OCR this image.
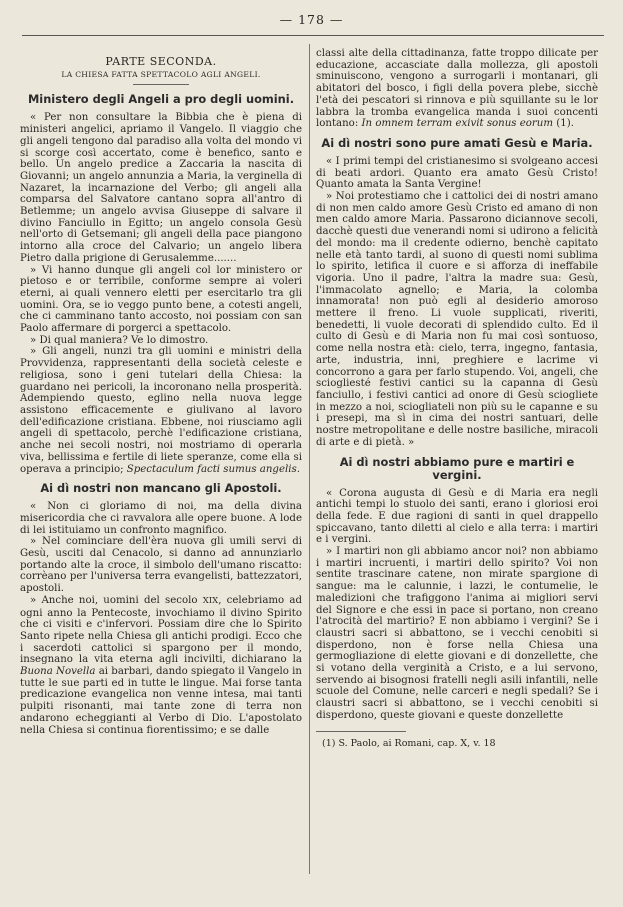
— 178 —
PARTE SECONDA.
LA CHIESA FATTA SPETTACOLO AGLI ANGELI.
Ministero degli Angeli a pro degli uomini.

« Per non consultare la Bibbia che è piena di ministeri angelici, apriamo il Vangelo. Il viaggio che gli angeli tengono dal paradiso alla volta del mondo vi si scorge così accertato, come è benefico, santo e bello. Un angelo predice a Zaccaria la nascita di Giovanni; un angelo annunzia a Maria, la verginella di Nazaret, la incarnazione del Verbo; gli angeli alla comparsa del Salvatore cantano sopra all'antro di Betlemme; un angelo avvisa Giuseppe di salvare il divino Fanciullo in Egitto; un angelo consola Gesù nell'orto di Getsemani; gli angeli della pace piangono intorno alla croce del Calvario; un angelo libera Pietro dalla prigione di Gerusalemme.......

» Vi hanno dunque gli angeli col lor ministero or pietoso e or terribile, conforme sempre ai voleri eterni, ai quali vennero eletti per esercitarlo tra gli uomini. Ora, se io veggo punto bene, a cotesti angeli, che ci camminano tanto accosto, noi possiam con san Paolo affermare di porgerci a spettacolo.

» Di qual maniera? Ve lo dimostro.

» Gli angeli, nunzi tra gli uomini e ministri della Provvidenza, rappresentanti della società celeste e religiosa, sono i geni tutelari della Chiesa: la guardano nei pericoli, la incoronano nella prosperità. Adempiendo questo, eglino nella nuova legge assistono efficacemente e giulivano al lavoro dell'edificazione cristiana. Ebbene, noi riusciamo agli angeli di spettacolo, perchè l'edificazione cristiana, anche nei secoli nostri, noi mostriamo di operarla viva, bellissima e fertile di liete speranze, come ella si operava a principio; Spectaculum facti sumus angelis.

Ai dì nostri non mancano gli Apostoli.

« Non ci gloriamo di noi, ma della divina misericordia che ci ravvalora alle opere buone. A lode di lei istituiamo un confronto magnifico.

» Nel cominciare dell'èra nuova gli umili servi di Gesù, usciti dal Cenacolo, si danno ad annunziarlo portando alte la croce, il simbolo dell'umano riscatto: corrèano per l'universa terra evangelisti, battezzatori, apostoli.

» Anche noi, uomini del secolo XIX, celebriamo ad ogni anno la Pentecoste, invochiamo il divino Spirito che ci visiti e c'infervori. Possiam dire che lo Spirito Santo ripete nella Chiesa gli antichi prodigi. Ecco che i sacerdoti cattolici si spargono per il mondo, insegnano la vita eterna agli incivilti, dichiarano la Buona Novella ai barbari, dando spiegato il Vangelo in tutte le sue parti ed in tutte le lingue. Mai forse tanta predicazione evangelica non venne intesa, mai tanti pulpiti risonanti, mai tante zone di terra non andarono echeggianti al Verbo di Dio. L'apostolato nella Chiesa si continua fiorentissimo; e se dalle

classi alte della cittadinanza, fatte troppo dilicate per educazione, accasciate dalla mollezza, gli apostoli sminuiscono, vengono a surrogarli i montanari, gli abitatori del bosco, i figli della povera plebe, sicchè l'età dei pescatori si rinnova e più squillante su le lor labbra la tromba evangelica manda i suoi concenti lontano: In omnem terram exivit sonus eorum (1).

Ai dì nostri sono pure amati Gesù e Maria.

« I primi tempi del cristianesimo si svolgeano accesi di beati ardori. Quanto era amato Gesù Cristo! Quanto amata la Santa Vergine!

» Noi protestiamo che i cattolici dei di nostri amano di non men caldo amore Gesù Cristo ed amano di non men caldo amore Maria. Passarono diciannove secoli, dacchè questi due venerandi nomi si udirono a felicità del mondo: ma il credente odierno, benchè capitato nelle età tanto tardi, al suono di questi nomi sublima lo spirito, letifica il cuore e si afforza di ineffabile vigoria. Uno il padre, l'altra la madre sua: Gesù, l'immacolato agnello; e Maria, la colomba innamorata! non può egli al desiderio amoroso mettere il freno. Li vuole supplicati, riveriti, benedetti, li vuole decorati di splendido culto. Ed il culto di Gesù e di Maria non fu mai così sontuoso, come nella nostra età: cielo, terra, ingegno, fantasia, arte, industria, inni, preghiere e lacrime vi concorrono a gara per farlo stupendo. Voi, angeli, che sciogliesté festivi cantici su la capanna di Gesù fanciullo, i festivi cantici ad onore di Gesù sciogliete in mezzo a noi, sciogliateli non più su le capanne e su i presepi, ma sì in cima dei nostri santuari, delle nostre metropolitane e delle nostre basiliche, miracoli di arte e di pietà. »

Ai dì nostri abbiamo pure e martiri e vergini.

« Corona augusta di Gesù e di Maria era negli antichi tempi lo stuolo dei santi, erano i gloriosi eroi della fede. E due ragioni di santi in quel drappello spiccavano, tanto diletti al cielo e alla terra: i martiri e i vergini.

» I martiri non gli abbiamo ancor noi? non abbiamo i martiri incruenti, i martiri dello spirito? Voi non sentite trascinare catene, non mirate spargione di sangue: ma le calunnie, i lazzi, le contumelie, le maledizioni che trafiggono l'anima ai migliori servi del Signore e che essi in pace si portano, non creano l'atrocità del martirio? E non abbiamo i vergini? Se i claustri sacri si abbattono, se i vecchi cenobiti si disperdono, non è forse nella Chiesa una germogliazione di elette giovani e di donzellette, che si votano della verginità a Cristo, e a lui servono, servendo ai bisognosi fratelli negli asili infantili, nelle scuole del Comune, nelle carceri e negli spedali? Se i claustri sacri si abbattono, se i vecchi cenobiti si disperdono, queste giovani e queste donzellette

(1) S. Paolo, ai Romani, cap. X, v. 18
